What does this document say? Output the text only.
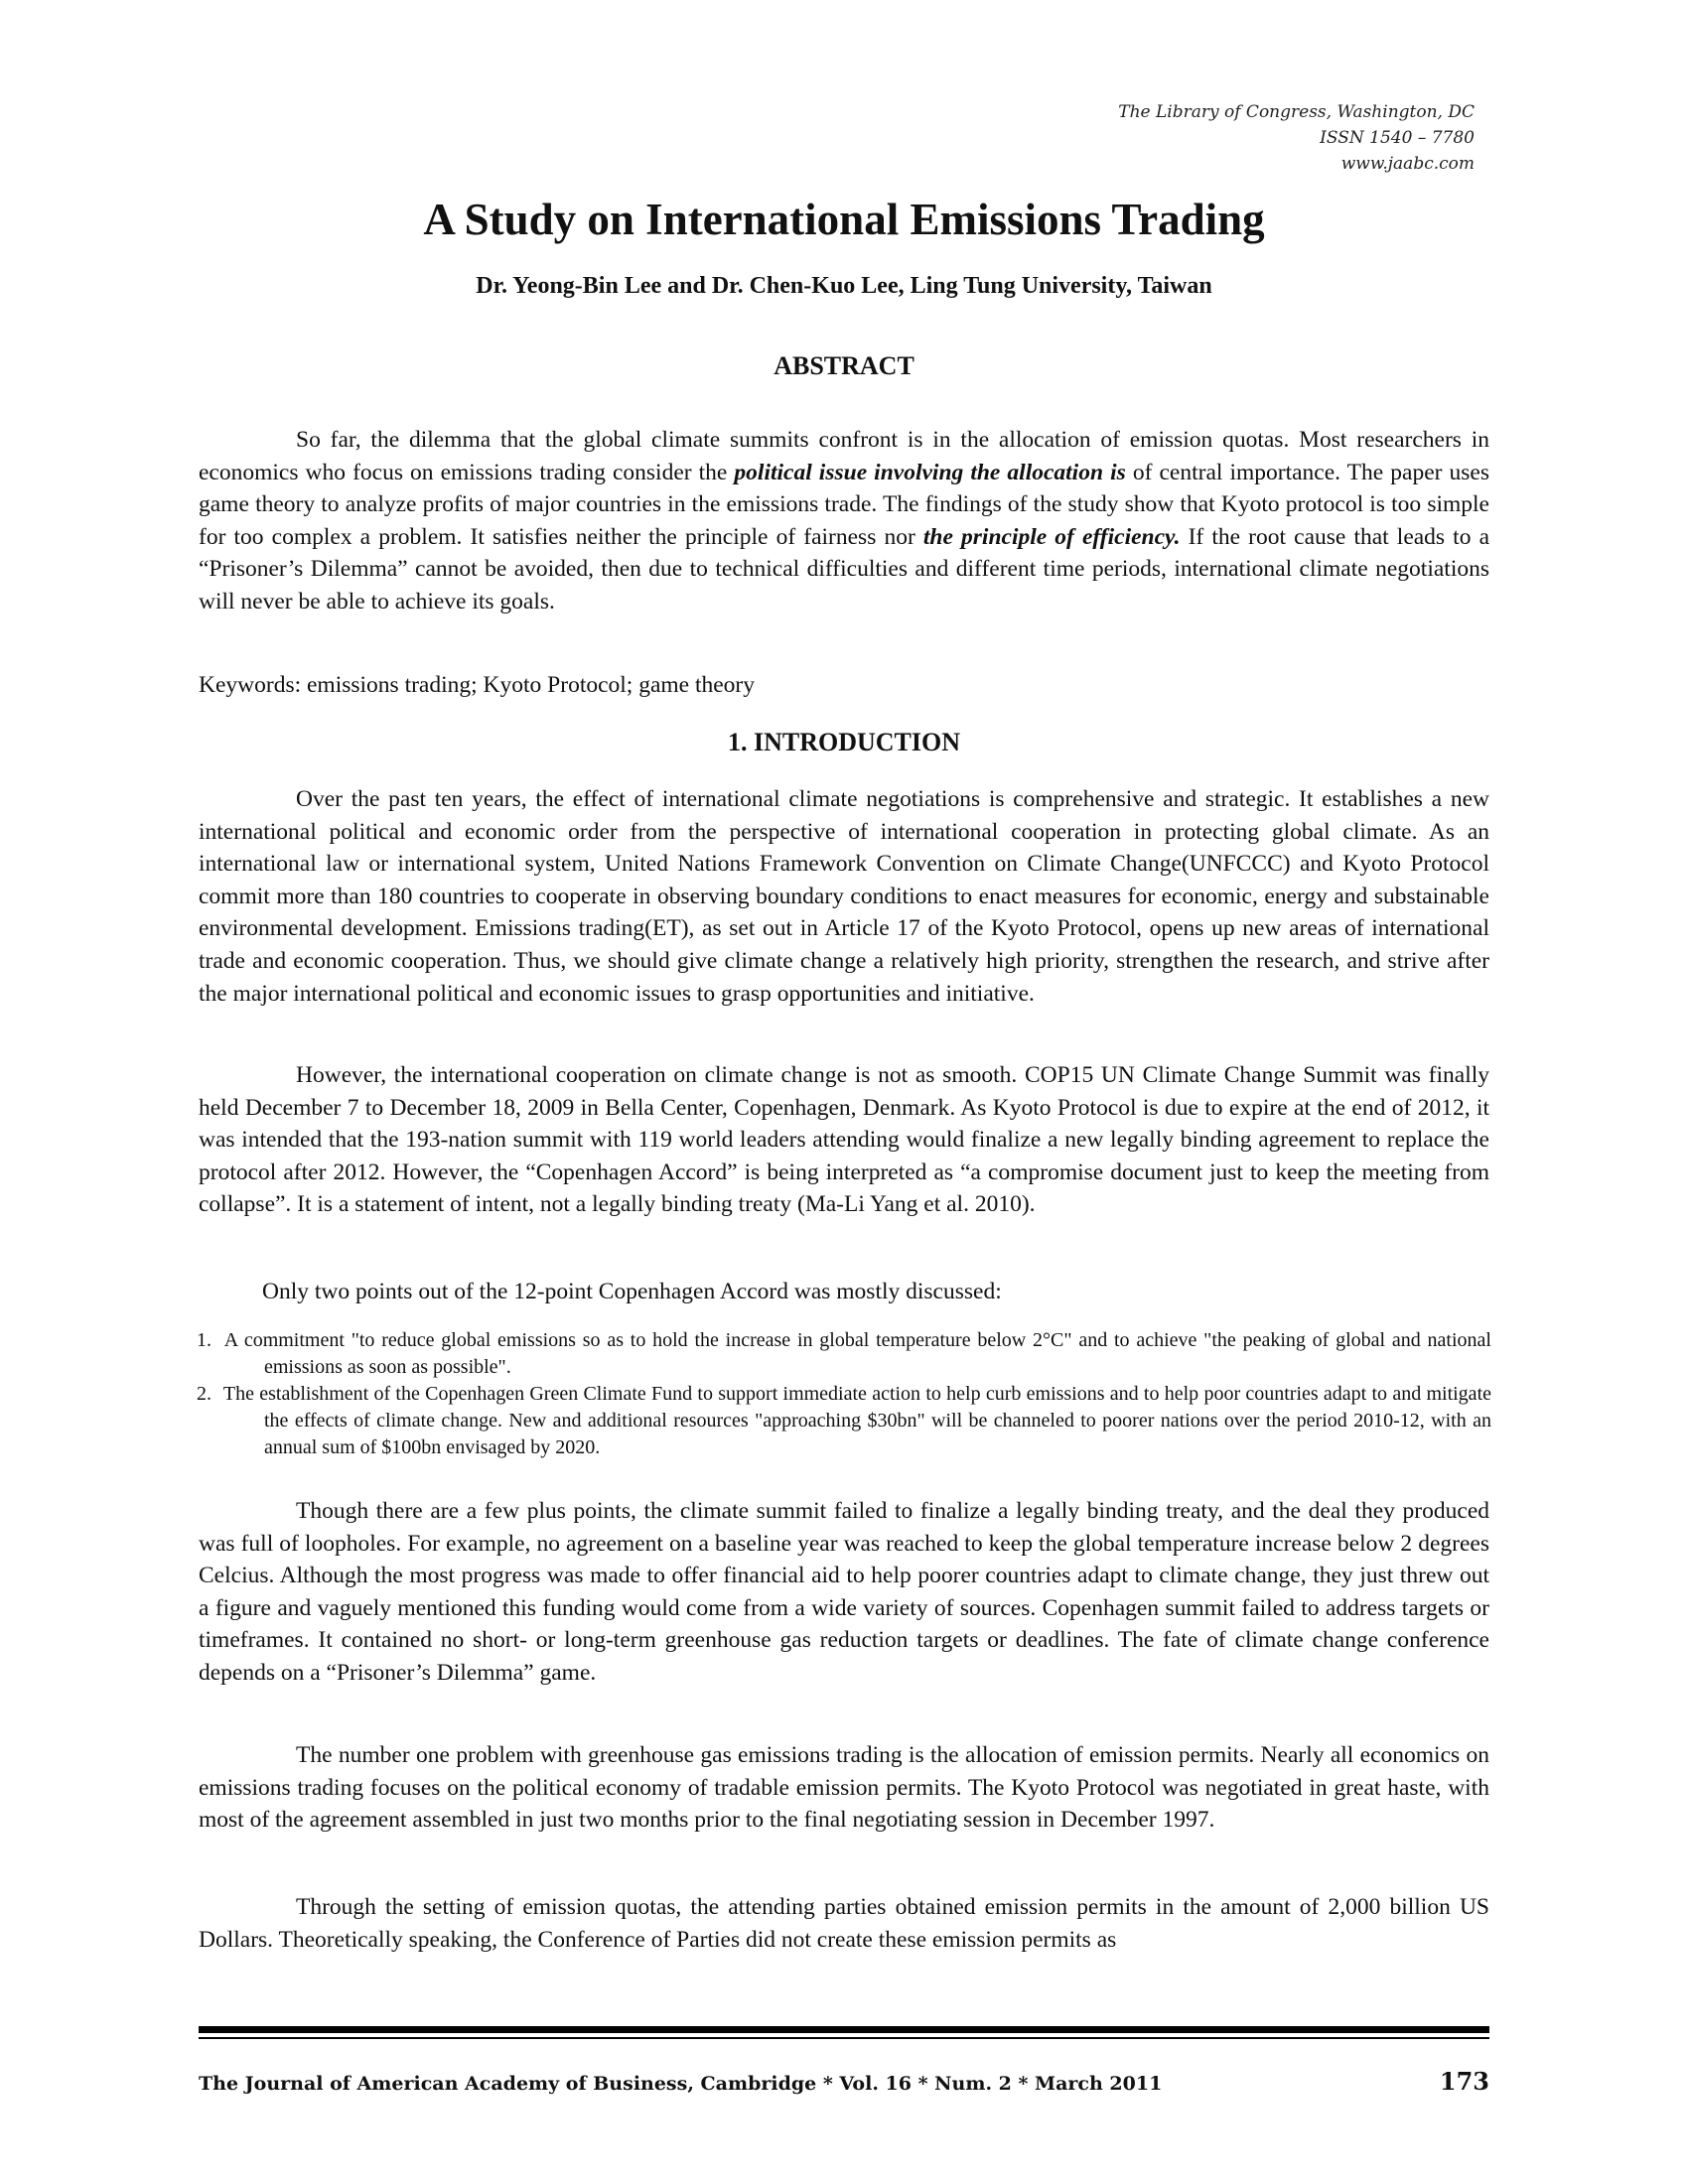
The Library of Congress, Washington, DC
ISSN 1540 – 7780
www.jaabc.com
A Study on International Emissions Trading
Dr. Yeong-Bin Lee and Dr. Chen-Kuo Lee, Ling Tung University, Taiwan
ABSTRACT

So far, the dilemma that the global climate summits confront is in the allocation of emission quotas. Most researchers in economics who focus on emissions trading consider the political issue involving the allocation is of central importance. The paper uses game theory to analyze profits of major countries in the emissions trade. The findings of the study show that Kyoto protocol is too simple for too complex a problem. It satisfies neither the principle of fairness nor the principle of efficiency. If the root cause that leads to a “Prisoner’s Dilemma” cannot be avoided, then due to technical difficulties and different time periods, international climate negotiations will never be able to achieve its goals.

Keywords: emissions trading; Kyoto Protocol; game theory

1. INTRODUCTION

Over the past ten years, the effect of international climate negotiations is comprehensive and strategic. It establishes a new international political and economic order from the perspective of international cooperation in protecting global climate. As an international law or international system, United Nations Framework Convention on Climate Change(UNFCCC) and Kyoto Protocol commit more than 180 countries to cooperate in observing boundary conditions to enact measures for economic, energy and substainable environmental development. Emissions trading(ET), as set out in Article 17 of the Kyoto Protocol, opens up new areas of international trade and economic cooperation. Thus, we should give climate change a relatively high priority, strengthen the research, and strive after the major international political and economic issues to grasp opportunities and initiative.

However, the international cooperation on climate change is not as smooth. COP15 UN Climate Change Summit was finally held December 7 to December 18, 2009 in Bella Center, Copenhagen, Denmark. As Kyoto Protocol is due to expire at the end of 2012, it was intended that the 193-nation summit with 119 world leaders attending would finalize a new legally binding agreement to replace the protocol after 2012. However, the “Copenhagen Accord” is being interpreted as “a compromise document just to keep the meeting from collapse”. It is a statement of intent, not a legally binding treaty (Ma-Li Yang et al. 2010).

Only two points out of the 12-point Copenhagen Accord was mostly discussed:

1. A commitment "to reduce global emissions so as to hold the increase in global temperature below 2°C" and to achieve "the peaking of global and national emissions as soon as possible".
2. The establishment of the Copenhagen Green Climate Fund to support immediate action to help curb emissions and to help poor countries adapt to and mitigate the effects of climate change. New and additional resources "approaching $30bn" will be channeled to poorer nations over the period 2010-12, with an annual sum of $100bn envisaged by 2020.

Though there are a few plus points, the climate summit failed to finalize a legally binding treaty, and the deal they produced was full of loopholes. For example, no agreement on a baseline year was reached to keep the global temperature increase below 2 degrees Celcius. Although the most progress was made to offer financial aid to help poorer countries adapt to climate change, they just threw out a figure and vaguely mentioned this funding would come from a wide variety of sources. Copenhagen summit failed to address targets or timeframes. It contained no short- or long-term greenhouse gas reduction targets or deadlines. The fate of climate change conference depends on a “Prisoner’s Dilemma” game.

The number one problem with greenhouse gas emissions trading is the allocation of emission permits. Nearly all economics on emissions trading focuses on the political economy of tradable emission permits. The Kyoto Protocol was negotiated in great haste, with most of the agreement assembled in just two months prior to the final negotiating session in December 1997.

Through the setting of emission quotas, the attending parties obtained emission permits in the amount of 2,000 billion US Dollars. Theoretically speaking, the Conference of Parties did not create these emission permits as

The Journal of American Academy of Business, Cambridge * Vol. 16 * Num. 2 * March 2011	173
